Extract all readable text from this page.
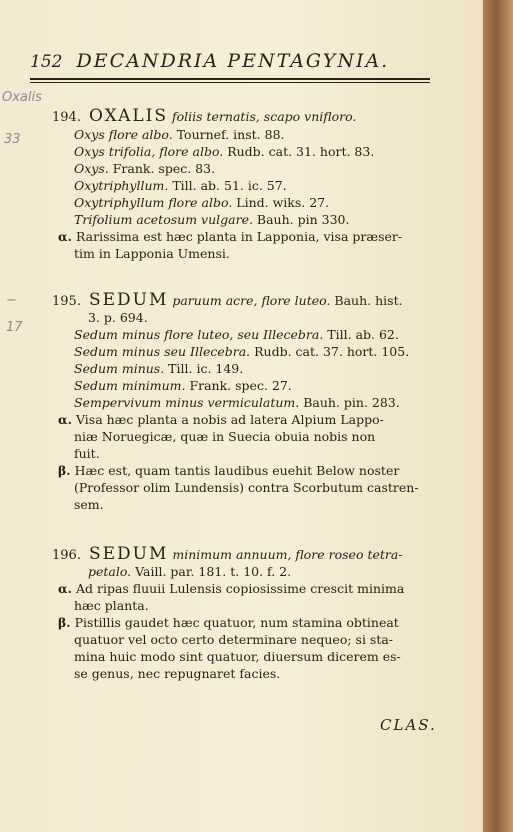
152 DECANDRIA PENTAGYNIA.
Oxalis
33
−
17
194. OXALIS foliis ternatis, scapo vnifloro.
Oxys flore albo. Tournef. inst. 88.
Oxys trifolia, flore albo. Rudb. cat. 31. hort. 83.
Oxys. Frank. spec. 83.
Oxytriphyllum. Till. ab. 51. ic. 57.
Oxytriphyllum flore albo. Lind. wiks. 27.
Trifolium acetosum vulgare. Bauh. pin 330.
α. Rarissima est hæc planta in Lapponia, visa præser-
tim in Lapponia Umensi.
195. SEDUM paruum acre, flore luteo. Bauh. hist.
3. p. 694.
Sedum minus flore luteo, seu Illecebra. Till. ab. 62.
Sedum minus seu Illecebra. Rudb. cat. 37. hort. 105.
Sedum minus. Till. ic. 149.
Sedum minimum. Frank. spec. 27.
Sempervivum minus vermiculatum. Bauh. pin. 283.
α. Visa hæc planta a nobis ad latera Alpium Lappo-
niæ Noruegicæ, quæ in Suecia obuia nobis non
fuit.
β. Hæc est, quam tantis laudibus euehit Below noster
(Professor olim Lundensis) contra Scorbutum castren-
sem.
196. SEDUM minimum annuum, flore roseo tetra-
petalo. Vaill. par. 181. t. 10. f. 2.
α. Ad ripas fluuii Lulensis copiosissime crescit minima
hæc planta.
β. Pistillis gaudet hæc quatuor, num stamina obtineat
quatuor vel octo certo determinare nequeo; si sta-
mina huic modo sint quatuor, diuersum dicerem es-
se genus, nec repugnaret facies.
CLAS.
